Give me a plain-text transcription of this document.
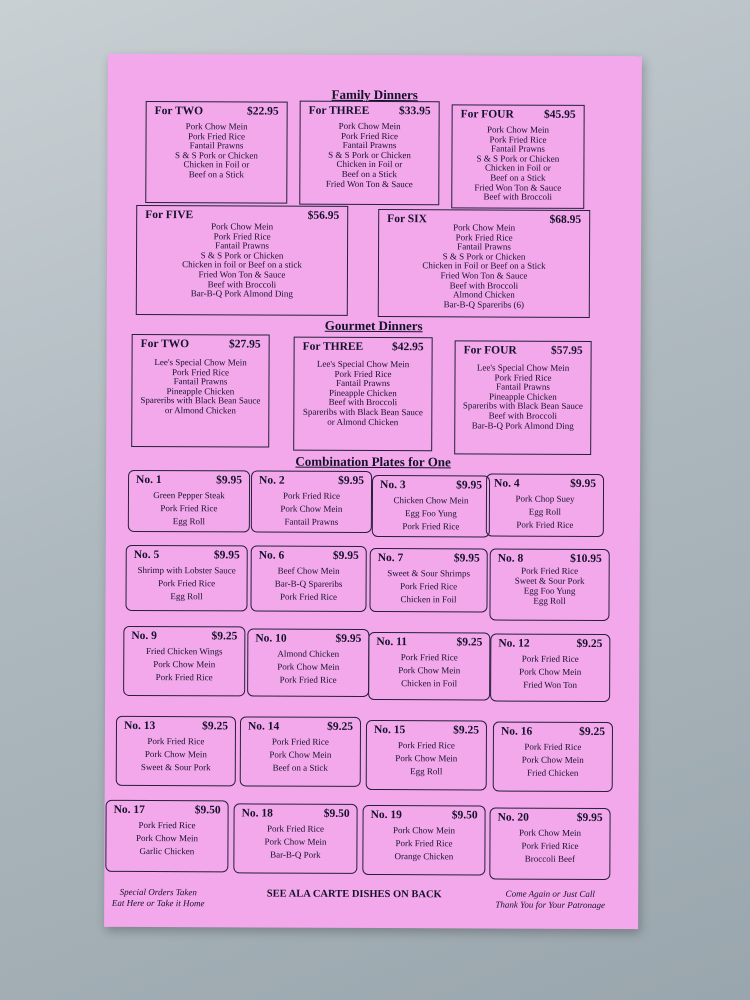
Family Dinners
For TWO	$22.95
Pork Chow Mein
Pork Fried Rice
Fantail Prawns
S & S Pork or Chicken
Chicken in Foil or
Beef on a Stick
For THREE	$33.95
Pork Chow Mein
Pork Fried Rice
Fantail Prawns
S & S Pork or Chicken
Chicken in Foil or
Beef on a Stick
Fried Won Ton & Sauce
For FOUR	$45.95
Pork Chow Mein
Pork Fried Rice
Fantail Prawns
S & S Pork or Chicken
Chicken in Foil or
Beef on a Stick
Fried Won Ton & Sauce
Beef with Broccoli
For FIVE	$56.95
Pork Chow Mein
Pork Fried Rice
Fantail Prawns
S & S Pork or Chicken
Chicken in foil or Beef on a stick
Fried Won Ton & Sauce
Beef with Broccoli
Bar-B-Q Pork Almond Ding
For SIX	$68.95
Pork Chow Mein
Pork Fried Rice
Fantail Prawns
S & S Pork or Chicken
Chicken in Foil or Beef on a Stick
Fried Won Ton & Sauce
Beef with Broccoli
Almond Chicken
Bar-B-Q Spareribs (6)
Gourmet Dinners
For TWO	$27.95
Lee's Special Chow Mein
Pork Fried Rice
Fantail Prawns
Pineapple Chicken
Spareribs with Black Bean Sauce
or Almond Chicken
For THREE $42.95
Lee's Special Chow Mein
Pork Fried Rice
Fantail Prawns
Pineapple Chicken
Beef with Broccoli
Spareribs with Black Bean Sauce
or Almond Chicken
For FOUR	$57.95
Lee's Special Chow Mein
Pork Fried Rice
Fantail Prawns
Pineapple Chicken
Spareribs with Black Bean Sauce
Beef with Broccoli
Bar-B-Q Pork Almond Ding
Combination Plates for One
No. 1	$9.95
Green Pepper Steak
Pork Fried Rice
Egg Roll
No. 2	$9.95
Pork Fried Rice
Pork Chow Mein
Fantail Prawns
No. 3	$9.95
Chicken Chow Mein
Egg Foo Yung
Pork Fried Rice
No. 4	$9.95
Pork Chop Suey
Egg Roll
Pork Fried Rice
No. 5	$9.95
Shrimp with Lobster Sauce
Pork Fried Rice
Egg Roll
No. 6	$9.95
Beef Chow Mein
Bar-B-Q Spareribs
Pork Fried Rice
No. 7	$9.95
Sweet & Sour Shrimps
Pork Fried Rice
Chicken in Foil
No. 8	$10.95
Pork Fried Rice
Sweet & Sour Pork
Egg Foo Yung
Egg Roll
No. 9	$9.25
Fried Chicken Wings
Pork Chow Mein
Pork Fried Rice
No. 10	$9.95
Almond Chicken
Pork Chow Mein
Pork Fried Rice
No. 11	$9.25
Pork Fried Rice
Pork Chow Mein
Chicken in Foil
No. 12	$9.25
Pork Fried Rice
Pork Chow Mein
Fried Won Ton
No. 13	$9.25
Pork Fried Rice
Pork Chow Mein
Sweet & Sour Pork
No. 14	$9.25
Pork Fried Rice
Pork Chow Mein
Beef on a Stick
No. 15	$9.25
Pork Fried Rice
Pork Chow Mein
Egg Roll
No. 16	$9.25
Pork Fried Rice
Pork Chow Mein
Fried Chicken
No. 17	$9.50
Pork Fried Rice
Pork Chow Mein
Garlic Chicken
No. 18	$9.50
Pork Fried Rice
Pork Chow Mein
Bar-B-Q Pork
No. 19	$9.50
Pork Chow Mein
Pork Fried Rice
Orange Chicken
No. 20	$9.95
Pork Chow Mein
Pork Fried Rice
Broccoli Beef
Special Orders Taken
Eat Here or Take it Home
SEE ALA CARTE DISHES ON BACK	Come Again or Just Call
Thank You for Your Patronage
